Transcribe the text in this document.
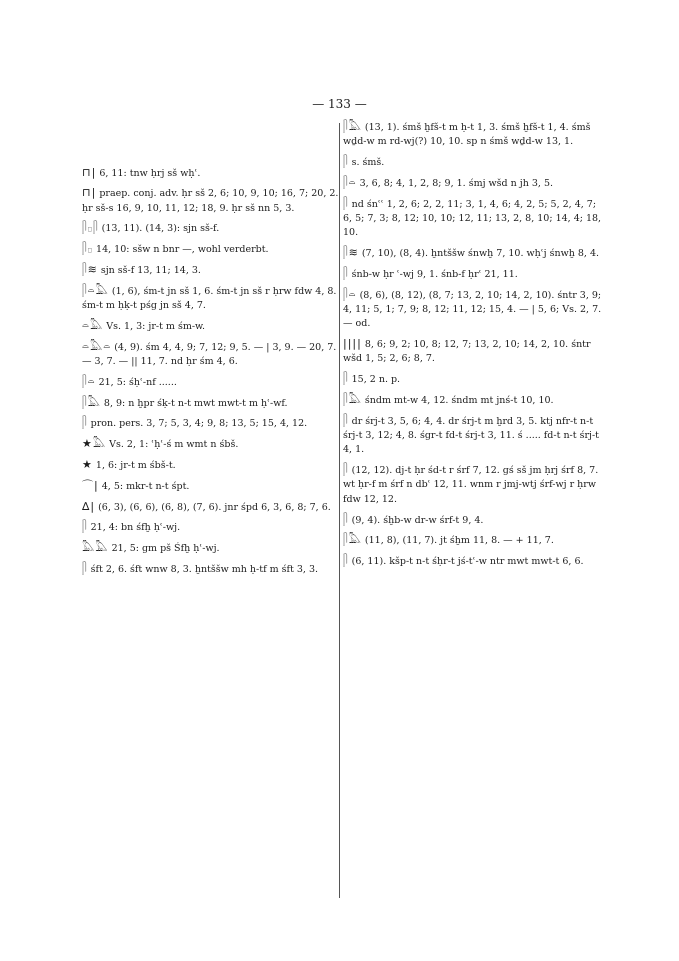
— 133 —
⊓| 6, 11: tnw ḥrj sš wḥʿ.
⊓| praep. conj. adv. ḥr sš 2, 6; 10, 9, 10; 16, 7; 20, 2. ḥr sš-s 16, 9, 10, 11, 12; 18, 9. ḥr sš nn 5, 3.
𓋴𓊪𓋴 (13, 11). (14, 3): sjn sš-f.
𓋴𓊪 14, 10: sšw n bnr —, wohl verderbt.
𓋴≋ sjn sš-f 13, 11; 14, 3.
𓋴𓏏𓅓 (1, 6), śm-t jn sš 1, 6. śm-t jn sš r ḥrw fdw 4, 8. śm-t m ḥḳ-t pśg jn sš 4, 7.
𓏏𓅓 Vs. 1, 3: jr-t m śm-w.
𓏏𓅓𓏏 (4, 9). śm 4, 4, 9; 7, 12; 9, 5. — | 3, 9. — 20, 7. — 3, 7. — || 11, 7. nd ḥr śm 4, 6.
𓋴𓏏 21, 5: śḥʿ-nf ......
𓋴𓅓 8, 9: n ḫpr śḳ-t n-t mwt mwt-t m ḥʿ-wf.
𓋴 pron. pers. 3, 7; 5, 3, 4; 9, 8; 13, 5; 15, 4, 12.
★𓅓 Vs. 2, 1: ʿḥʿ-ś m wmt n śbš.
★ 1, 6: jr-t m śbš-t.
⌒| 4, 5: mkr-t n-t śpt.
∆| (6, 3), (6, 6), (6, 8), (7, 6). jnr śpd 6, 3, 6, 8; 7, 6.
𓋴 21, 4: bn śfḫ ḥʿ-wj.
𓅓𓅓 21, 5: gm pš Śfḫ ḥʿ-wj.
𓋴 śft 2, 6. śft wnw 8, 3. ḫntššw mh ḥ-tf m śft 3, 3.
𓋴𓅓 (13, 1). śmš ḫfš-t m ḥ-t 1, 3. śmš ḫfš-t 1, 4. śmš wḏd-w m rd-wj(?) 10, 10. sp n śmš wḏd-w 13, 1.
𓋴 s. śmš.
𓋴𓏏 3, 6, 8; 4, 1, 2, 8; 9, 1. śmj wšd n jh 3, 5.
𓋴 nd śnʿʿ 1, 2, 6; 2, 2, 11; 3, 1, 4, 6; 4, 2, 5; 5, 2, 4, 7; 6, 5; 7, 3; 8, 12; 10, 10; 12, 11; 13, 2, 8, 10; 14, 4; 18, 10.
𓋴≋ (7, 10), (8, 4). ḫntššw śnwḫ 7, 10. wḥʿj śnwḫ 8, 4.
𓋴 śnb-w ḥr ʿ-wj 9, 1. śnb-f ḥrʿ 21, 11.
𓋴𓏏 (8, 6), (8, 12), (8, 7; 13, 2, 10; 14, 2, 10). śntr 3, 9; 4, 11; 5, 1; 7, 9; 8, 12; 11, 12; 15, 4. — | 5, 6; Vs. 2, 7. — od.
|||| 8, 6; 9, 2; 10, 8; 12, 7; 13, 2, 10; 14, 2, 10. śntr wšd 1, 5; 2, 6; 8, 7.
𓋴 15, 2 n. p.
𓋴𓅓 śndm mt-w 4, 12. śndm mt jnś-t 10, 10.
𓋴 dr śrj-t 3, 5, 6; 4, 4. dr śrj-t m ḫrd 3, 5. ktj nfr-t n-t śrj-t 3, 12; 4, 8. śgr-t fd-t śrj-t 3, 11. ś ..... fd-t n-t śrj-t 4, 1.
𓋴 (12, 12). dj-t ḥr śd-t r śrf 7, 12. gś sš jm ḥrj śrf 8, 7. wt ḥr-f m śrf n dbʿ 12, 11. wnm r jmj-wtj śrf-wj r ḥrw fdw 12, 12.
𓋴 (9, 4). śḫb-w dr-w śrf-t 9, 4.
𓋴𓅓 (11, 8), (11, 7). jt śḫm 11, 8. — + 11, 7.
𓋴 (6, 11). kšp-t n-t śḥr-t jś-tʿ-w ntr mwt mwt-t 6, 6.
